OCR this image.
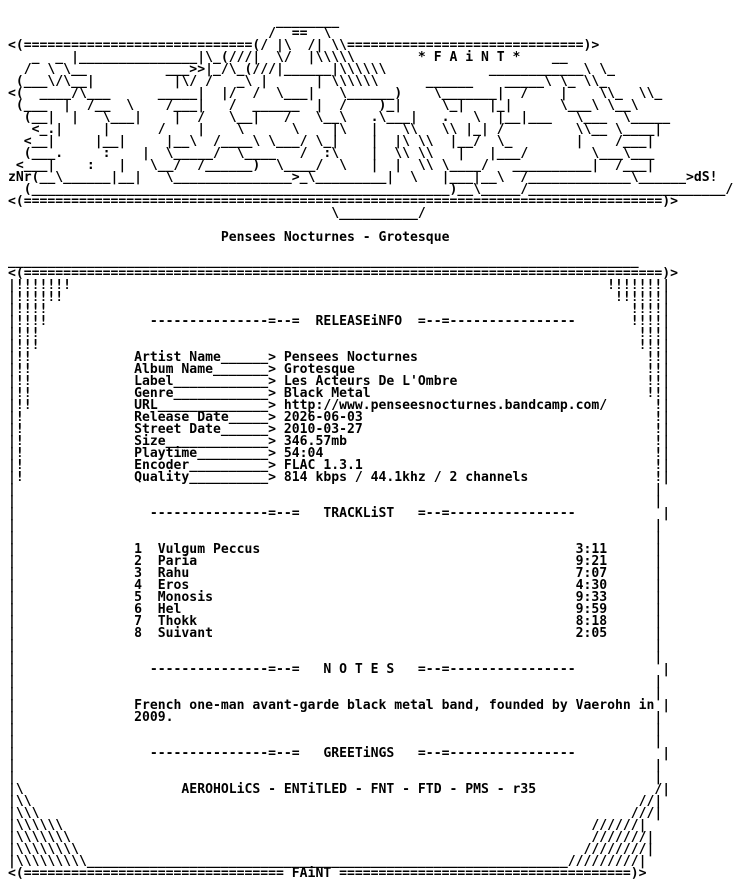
________
/  ==  \
<(=============================(/ |\  /| \\==============================)>
_  _ |_______________|\_(///|  \/  |\\\\\        * F A i N T *    __
/  \ \__          ___>>|_/\_(///|______|\\\\\\             ____________\ \_
(___\/\__|          |\/ /   _\ |      | \\\\\\      ______    _____\ \_ \\_
<(  ____/\___      _____|  |/  /  \___|   \______)    \_______|  /    |    \\_  \\_
(___  |  /__  \    /___|   /  ______  |  /    )_|     \_|   |_|      \___\ \__\
(__|  |   \___|    |  /   \__|   /   \__\   .\___|   .   \  |__|___   \___  \_____
<_.|     |      /    |    \      \    |\   |   \\   \\ |_| /         \\__ \____|
<__|     |__|     |__\  /____\ \___/ \_|    |  |\ \\  |__/  \_        |    /___|
(___.     :    |  \_____/  \____   /  :\    |  \\ \\   |   |___/        \___\___
<___|    :   |   \__/  /______)  \____/  \   |  |  \\ \____/   __________|  /___|
zNr(__\______|__|   \_______________>_\_________|  \   |___|__\  /_____________\______>dS!
(_____________________________________________________)__\_____/_________________________/
<(=================================================================================)>
\__________/
Pensees Nocturnes - Grotesque
________________________________________________________________________________
<(=================================================================================)>
|!!!!!!!                                                                    !!!!!!!|
|!!!!!!                                                                      !!!!!!|
|!!!!                                                                          !!!!|
|!!!!             ---------------=--=  RELEASEiNFO  =--=----------------       !!!!|
|!!!                                                                            !!!|
|!!!                                                                            !!!|
|!!             Artist Name______> Pensees Nocturnes                             !!|
|!!             Album Name_______> Grotesque                                     !!|
|!!             Label____________> Les Acteurs De L'Ombre                        !!|
|!!             Genre____________> Black Metal                                   !!|
|!!             URL______________> http://www.penseesnocturnes.bandcamp.com/      !|
|!              Release Date_____> 2026-06-03                                     !|
|!              Street Date______> 2010-03-27                                     !|
|!              Size_____________> 346.57mb                                       !|
|!              Playtime_________> 54:04                                          !|
|!              Encoder__________> FLAC 1.3.1                                     !|
|!              Quality__________> 814 kbps / 44.1khz / 2 channels                !|
|                                                                                 |
|                                                                                 |
|                 ---------------=--=   TRACKLiST   =--=----------------           |
|                                                                                 |
|                                                                                 |
|               1  Vulgum Peccus                                        3:11      |
|               2  Paria                                                9:21      |
|               3  Rahu                                                 7:07      |
|               4  Eros                                                 4:30      |
|               5  Monosis                                              9:33      |
|               6  Hel                                                  9:59      |
|               7  Thokk                                                8:18      |
|               8  Suivant                                              2:05      |
|                                                                                 |
|                                                                                 |
|                 ---------------=--=   N O T E S   =--=----------------           |
|                                                                                 |
|                                                                                 |
|               French one-man avant-garde black metal band, founded by Vaerohn in |
|               2009.                                                             |
|                                                                                 |
|                                                                                 |
|                 ---------------=--=   GREETiNGS   =--=----------------           |
|                                                                                 |
|                                                                                 |
|\                    AEROHOLiCS - ENTiTLED - FNT - FTD - PMS - r35               /|
|\\                                                                             //|
|\\\                                                                           ///|
|\\\\\\                                                                   //////|
|\\\\\\\                                                                  ///////|
|\\\\\\\\                                                                ////////|
|\\\\\\\\\_____________________________________________________________/////////|
<(================================= FAiNT =====================================)>
